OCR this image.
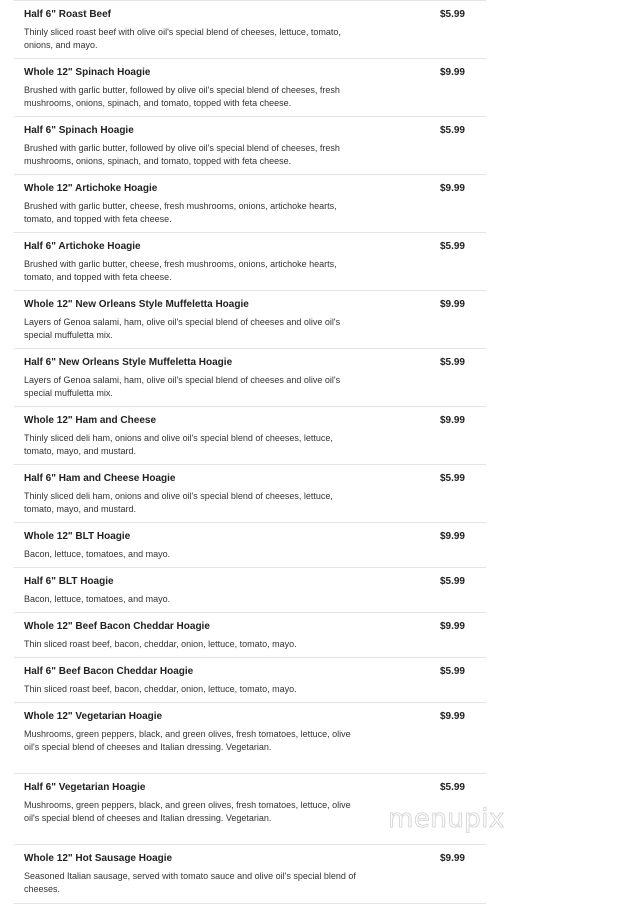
Half 6" Roast Beef	$5.99
Thinly sliced roast beef with olive oil's special blend of cheeses, lettuce, tomato, onions, and mayo.
Whole 12" Spinach Hoagie	$9.99
Brushed with garlic butter, followed by olive oil's special blend of cheeses, fresh mushrooms, onions, spinach, and tomato, topped with feta cheese.
Half 6" Spinach Hoagie	$5.99
Brushed with garlic butter, followed by olive oil's special blend of cheeses, fresh mushrooms, onions, spinach, and tomato, topped with feta cheese.
Whole 12" Artichoke Hoagie	$9.99
Brushed with garlic butter, cheese, fresh mushrooms, onions, artichoke hearts, tomato, and topped with feta cheese.
Half 6" Artichoke Hoagie	$5.99
Brushed with garlic butter, cheese, fresh mushrooms, onions, artichoke hearts, tomato, and topped with feta cheese.
Whole 12" New Orleans Style Muffeletta Hoagie	$9.99
Layers of Genoa salami, ham, olive oil's special blend of cheeses and olive oil's special muffuletta mix.
Half 6" New Orleans Style Muffeletta Hoagie	$5.99
Layers of Genoa salami, ham, olive oil's special blend of cheeses and olive oil's special muffuletta mix.
Whole 12" Ham and Cheese	$9.99
Thinly sliced deli ham, onions and olive oil's special blend of cheeses, lettuce, tomato, mayo, and mustard.
Half 6" Ham and Cheese Hoagie	$5.99
Thinly sliced deli ham, onions and olive oil's special blend of cheeses, lettuce, tomato, mayo, and mustard.
Whole 12" BLT Hoagie	$9.99
Bacon, lettuce, tomatoes, and mayo.
Half 6" BLT Hoagie	$5.99
Bacon, lettuce, tomatoes, and mayo.
Whole 12" Beef Bacon Cheddar Hoagie	$9.99
Thin sliced roast beef, bacon, cheddar, onion, lettuce, tomato, mayo.
Half 6" Beef Bacon Cheddar Hoagie	$5.99
Thin sliced roast beef, bacon, cheddar, onion, lettuce, tomato, mayo.
Whole 12" Vegetarian Hoagie	$9.99
Mushrooms, green peppers, black, and green olives, fresh tomatoes, lettuce, olive oil's special blend of cheeses and Italian dressing. Vegetarian.
Half 6" Vegetarian Hoagie	$5.99
Mushrooms, green peppers, black, and green olives, fresh tomatoes, lettuce, olive oil's special blend of cheeses and Italian dressing. Vegetarian.
Whole 12" Hot Sausage Hoagie	$9.99
Seasoned Italian sausage, served with tomato sauce and olive oil's special blend of cheeses.
menupix
